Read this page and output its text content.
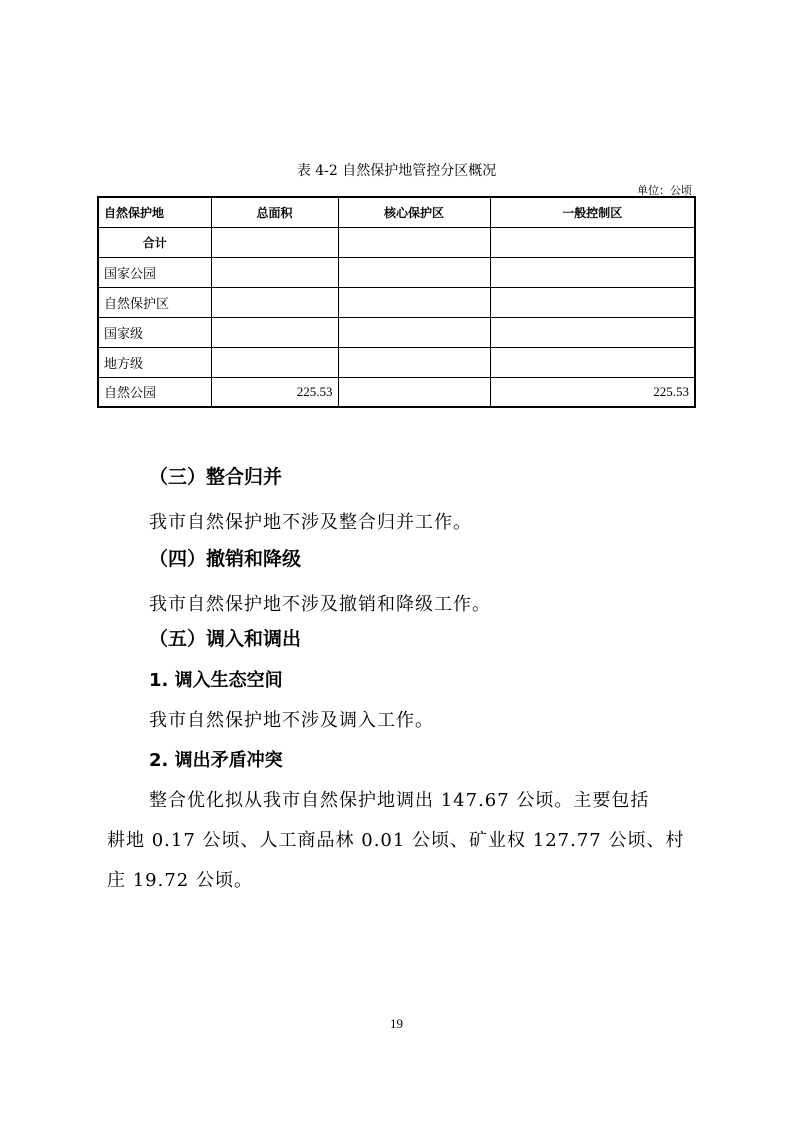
表 4-2 自然保护地管控分区概况
单位：公顷
自然保护地	总面积	核心保护区	一般控制区
合计			
国家公园			
自然保护区			
国家级			
地方级			
自然公园	225.53		225.53
（三）整合归并
我市自然保护地不涉及整合归并工作。
（四）撤销和降级
我市自然保护地不涉及撤销和降级工作。
（五）调入和调出
1. 调入生态空间
我市自然保护地不涉及调入工作。
2. 调出矛盾冲突
整合优化拟从我市自然保护地调出 147.67 公顷。主要包括
耕地 0.17 公顷、人工商品林 0.01 公顷、矿业权 127.77 公顷、村
庄 19.72 公顷。
19
